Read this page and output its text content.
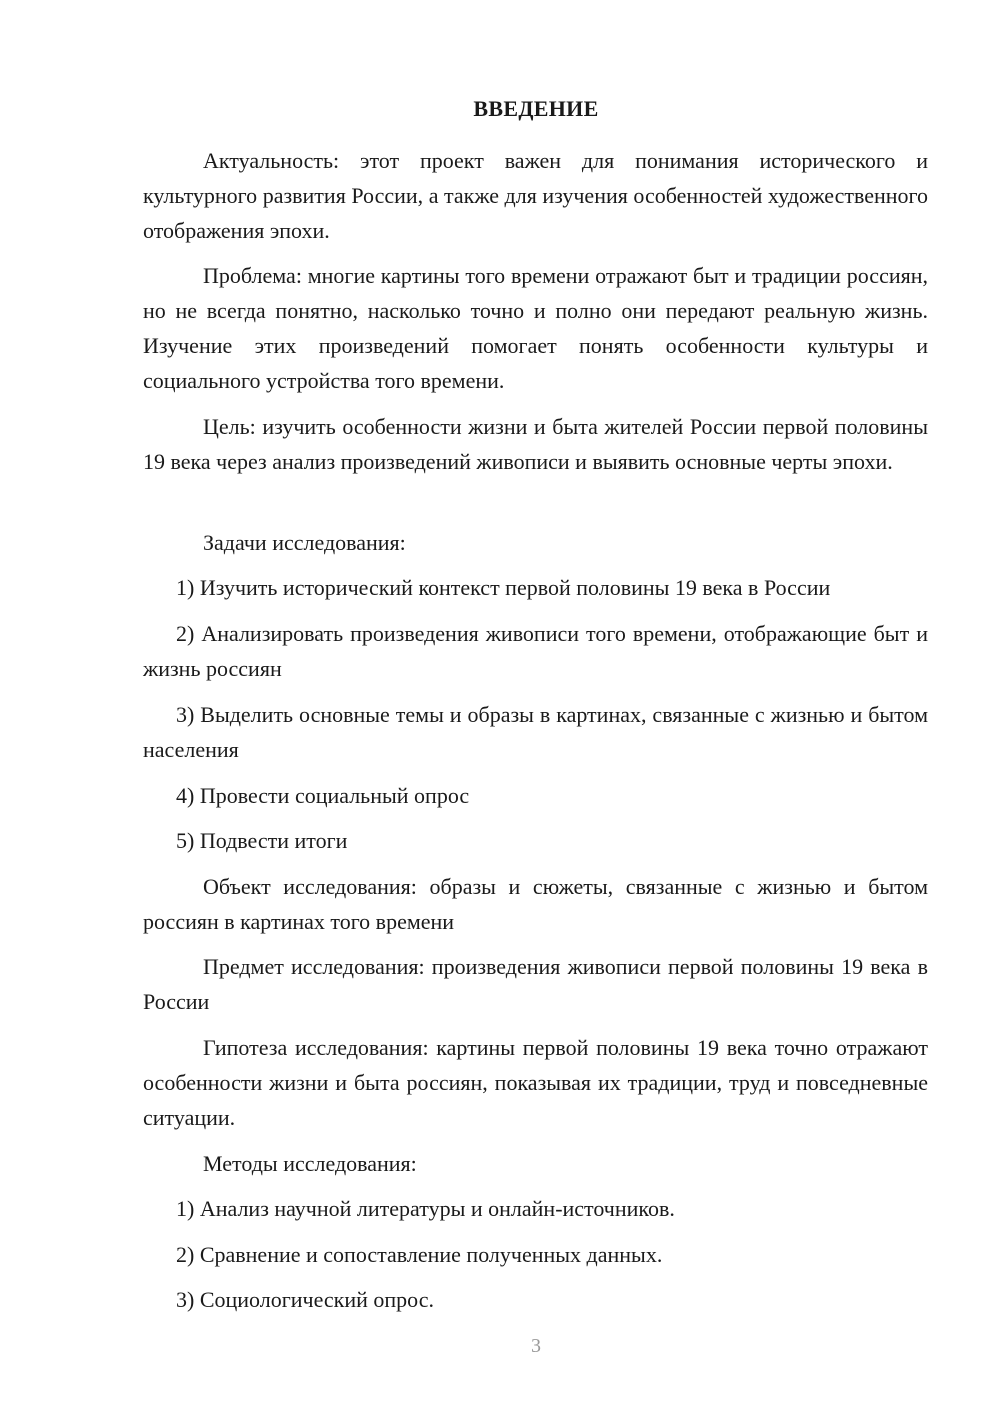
ВВЕДЕНИЕ
Актуальность: этот проект важен для понимания исторического и культурного развития России, а также для изучения особенностей художественного отображения эпохи.
Проблема: многие картины того времени отражают быт и традиции россиян, но не всегда понятно, насколько точно и полно они передают реальную жизнь. Изучение этих произведений помогает понять особенности культуры и социального устройства того времени.
Цель: изучить особенности жизни и быта жителей России первой половины 19 века через анализ произведений живописи и выявить основные черты эпохи.
Задачи исследования:
1) Изучить исторический контекст первой половины 19 века в России
2) Анализировать произведения живописи того времени, отображающие быт и жизнь россиян
3) Выделить основные темы и образы в картинах, связанные с жизнью и бытом населения
4) Провести социальный опрос
5) Подвести итоги
Объект исследования: образы и сюжеты, связанные с жизнью и бытом россиян в картинах того времени
Предмет исследования: произведения живописи первой половины 19 века в России
Гипотеза исследования: картины первой половины 19 века точно отражают особенности жизни и быта россиян, показывая их традиции, труд и повседневные ситуации.
Методы исследования:
1) Анализ научной литературы и онлайн-источников.
2) Сравнение и сопоставление полученных данных.
3) Социологический опрос.
3
